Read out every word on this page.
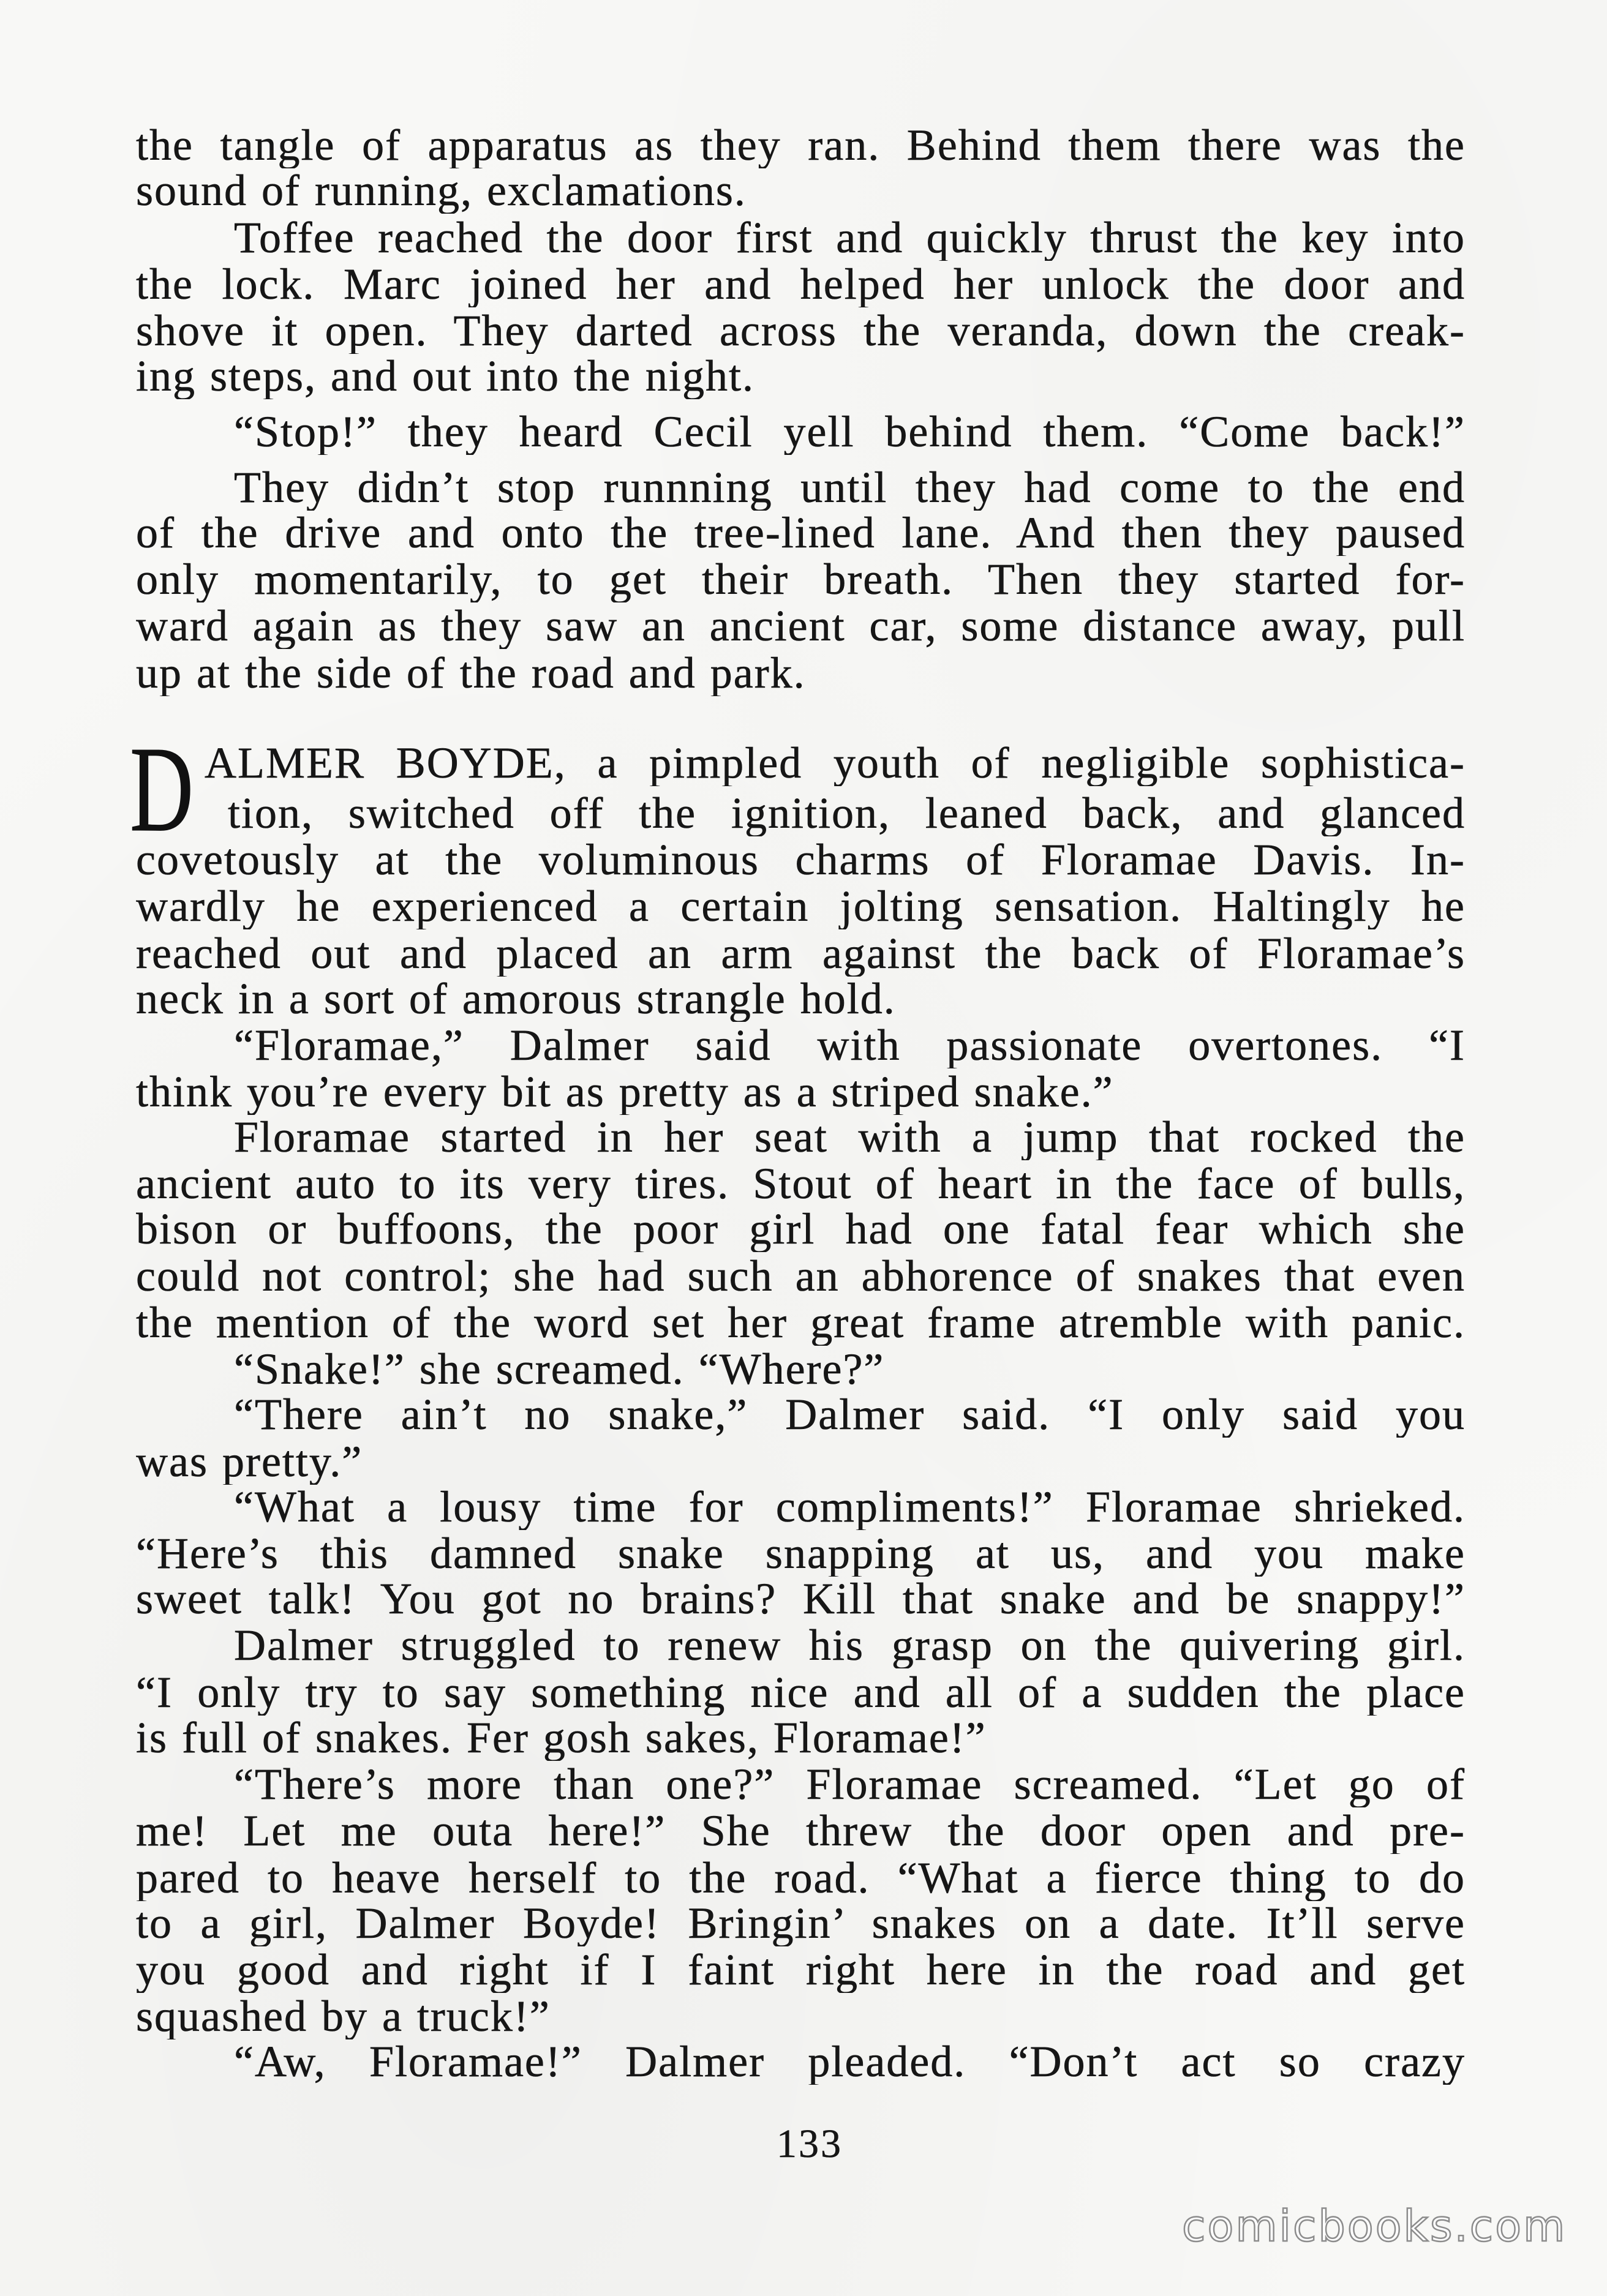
the tangle of apparatus as they ran. Behind them there was the
sound of running, exclamations.
Toffee reached the door first and quickly thrust the key into
the lock. Marc joined her and helped her unlock the door and
shove it open. They darted across the veranda, down the creak-
ing steps, and out into the night.
“Stop!” they heard Cecil yell behind them. “Come back!”
They didn’t stop runnning until they had come to the end
of the drive and onto the tree-lined lane. And then they paused
only momentarily, to get their breath. Then they started for-
ward again as they saw an ancient car, some distance away, pull
up at the side of the road and park.
D ALMER BOYDE, a pimpled youth of negligible sophistica-
tion, switched off the ignition, leaned back, and glanced
covetously at the voluminous charms of Floramae Davis. In-
wardly he experienced a certain jolting sensation. Haltingly he
reached out and placed an arm against the back of Floramae’s
neck in a sort of amorous strangle hold.
“Floramae,” Dalmer said with passionate overtones. “I
think you’re every bit as pretty as a striped snake.”
Floramae started in her seat with a jump that rocked the
ancient auto to its very tires. Stout of heart in the face of bulls,
bison or buffoons, the poor girl had one fatal fear which she
could not control; she had such an abhorence of snakes that even
the mention of the word set her great frame atremble with panic.
“Snake!” she screamed. “Where?”
“There ain’t no snake,” Dalmer said. “I only said you
was pretty.”
“What a lousy time for compliments!” Floramae shrieked.
“Here’s this damned snake snapping at us, and you make
sweet talk! You got no brains? Kill that snake and be snappy!”
Dalmer struggled to renew his grasp on the quivering girl.
“I only try to say something nice and all of a sudden the place
is full of snakes. Fer gosh sakes, Floramae!”
“There’s more than one?” Floramae screamed. “Let go of
me! Let me outa here!” She threw the door open and pre-
pared to heave herself to the road. “What a fierce thing to do
to a girl, Dalmer Boyde! Bringin’ snakes on a date. It’ll serve
you good and right if I faint right here in the road and get
squashed by a truck!”
“Aw, Floramae!” Dalmer pleaded. “Don’t act so crazy
133
comicbooks.com
